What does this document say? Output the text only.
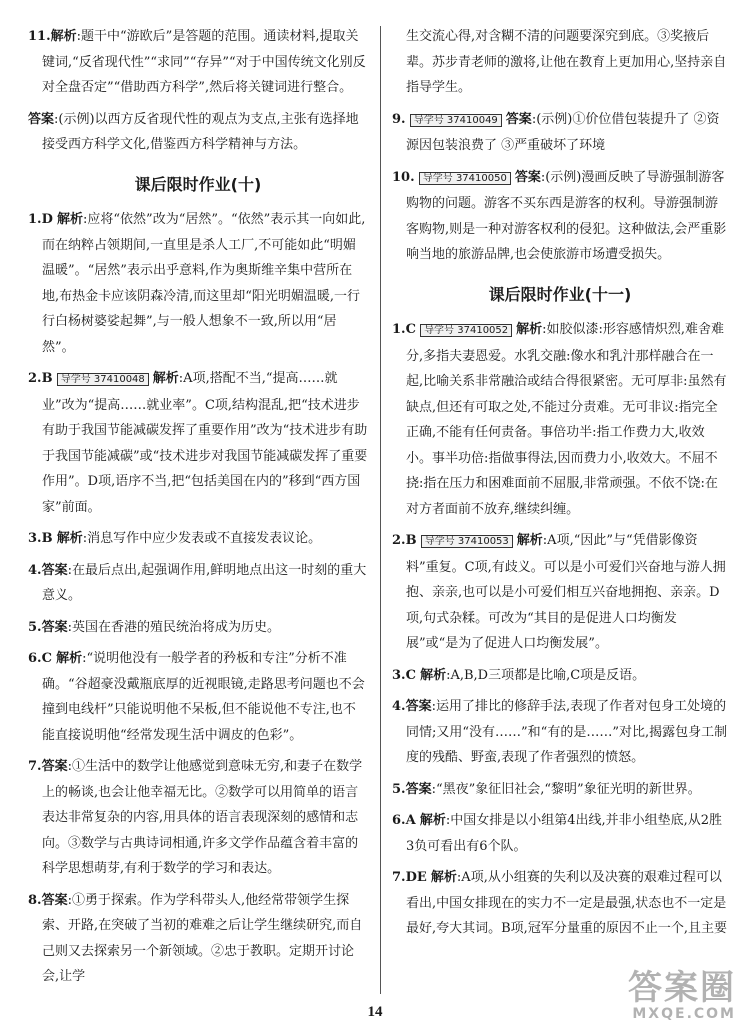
11.解析:题干中“游欧后”是答题的范围。通读材料,提取关键词,“反省现代性”“求同”“存异”“对于中国传统文化别反对全盘否定”“借助西方科学”,然后将关键词进行整合。

答案:(示例)以西方反省现代性的观点为支点,主张有选择地接受西方科学文化,借鉴西方科学精神与方法。

课后限时作业(十)

1.D 解析:应将“依然”改为“居然”。“依然”表示其一向如此,而在纳粹占领期间,一直里是杀人工厂,不可能如此“明媚温暖”。“居然”表示出乎意料,作为奥斯维辛集中营所在地,布热金卡应该阴森冷清,而这里却“阳光明媚温暖,一行行白杨树婆娑起舞”,与一般人想象不一致,所以用“居然”。

2.B 导学号 37410048 解析:A项,搭配不当,“提高……就业”改为“提高……就业率”。C项,结构混乱,把“技术进步有助于我国节能减碳发挥了重要作用”改为“技术进步有助于我国节能减碳”或“技术进步对我国节能减碳发挥了重要作用”。D项,语序不当,把“包括美国在内的”移到“西方国家”前面。

3.B 解析:消息写作中应少发表或不直接发表议论。

4.答案:在最后点出,起强调作用,鲜明地点出这一时刻的重大意义。

5.答案:英国在香港的殖民统治将成为历史。

6.C 解析:“说明他没有一般学者的矜板和专注”分析不准确。“谷超豪没戴瓶底厚的近视眼镜,走路思考问题也不会撞到电线杆”只能说明他不呆板,但不能说他不专注,也不能直接说明他“经常发现生活中调皮的色彩”。

7.答案:①生活中的数学让他感觉到意味无穷,和妻子在数学上的畅谈,也会让他幸福无比。②数学可以用简单的语言表达非常复杂的内容,用具体的语言表现深刻的感情和志向。③数学与古典诗词相通,许多文学作品蕴含着丰富的科学思想萌芽,有利于数学的学习和表达。

8.答案:①勇于探索。作为学科带头人,他经常带领学生探索、开路,在突破了当初的难难之后让学生继续研究,而自己则又去探索另一个新领域。②忠于教职。定期开讨论会,让学

生交流心得,对含糊不清的问题要深究到底。③奖掖后辈。苏步青老师的激将,让他在教育上更加用心,坚持亲自指导学生。

9. 导学号 37410049 答案:(示例)①价位借包装提升了 ②资源因包装浪费了 ③严重破坏了环境

10. 导学号 37410050 答案:(示例)漫画反映了导游强制游客购物的问题。游客不买东西是游客的权利。导游强制游客购物,则是一种对游客权利的侵犯。这种做法,会严重影响当地的旅游品牌,也会使旅游市场遭受损失。

课后限时作业(十一)

1.C 导学号 37410052 解析:如胶似漆:形容感情炽烈,难舍难分,多指夫妻恩爱。水乳交融:像水和乳汁那样融合在一起,比喻关系非常融洽或结合得很紧密。无可厚非:虽然有缺点,但还有可取之处,不能过分责难。无可非议:指完全正确,不能有任何责备。事倍功半:指工作费力大,收效小。事半功倍:指做事得法,因而费力小,收效大。不屈不挠:指在压力和困难面前不屈服,非常顽强。不依不饶:在对方者面前不放弃,继续纠缠。

2.B 导学号 37410053 解析:A项,“因此”与“凭借影像资料”重复。C项,有歧义。可以是小可爱们兴奋地与游人拥抱、亲亲,也可以是小可爱们相互兴奋地拥抱、亲亲。D项,句式杂糅。可改为“其目的是促进人口均衡发展”或“是为了促进人口均衡发展”。

3.C 解析:A,B,D三项都是比喻,C项是反语。

4.答案:运用了排比的修辞手法,表现了作者对包身工处境的同情;又用“没有……”和“有的是……”对比,揭露包身工制度的残酷、野蛮,表现了作者强烈的愤怒。

5.答案:“黑夜”象征旧社会,“黎明”象征光明的新世界。

6.A 解析:中国女排是以小组第4出线,并非小组垫底,从2胜3负可看出有6个队。

7.DE 解析:A项,从小组赛的失利以及决赛的艰难过程可以看出,中国女排现在的实力不一定是最强,状态也不一定是最好,夸大其词。B项,冠军分量重的原因不止一个,且主要

14
答案圈
MXQE.COM
